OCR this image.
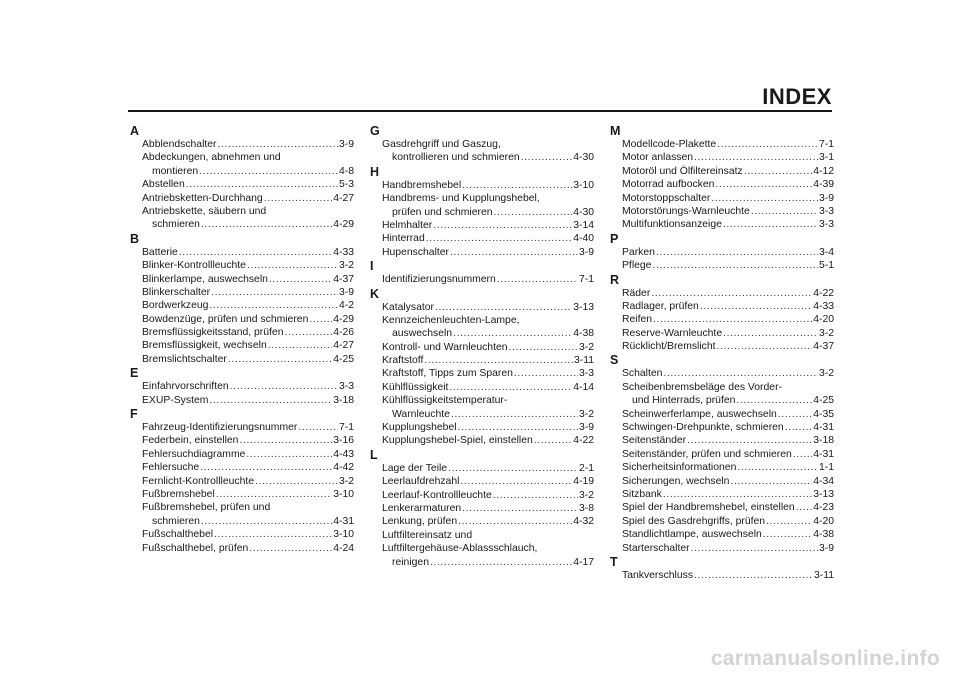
INDEX
A
Abblendschalter .....	3-9
Abdeckungen, abnehmen und
montieren .....	4-8
Abstellen .....	5-3
Antriebsketten-Durchhang .....	4-27
Antriebskette, säubern und
schmieren .....	4-29
B
Batterie .....	4-33
Blinker-Kontrollleuchte .....	3-2
Blinkerlampe, auswechseln .....	4-37
Blinkerschalter .....	3-9
Bordwerkzeug .....	4-2
Bowdenzüge, prüfen und schmieren ..... 4-29
Bremsflüssigkeitsstand, prüfen .....	4-26
Bremsflüssigkeit, wechseln .....	4-27
Bremslichtschalter .....	4-25
E
Einfahrvorschriften .....	3-3
EXUP-System .....	3-18
F
Fahrzeug-Identifizierungsnummer .....	7-1
Federbein, einstellen .....	3-16
Fehlersuchdiagramme .....	4-43
Fehlersuche .....	4-42
Fernlicht-Kontrollleuchte .....	3-2
Fußbremshebel .....	3-10
Fußbremshebel, prüfen und
schmieren .....	4-31
Fußschalthebel .....	3-10
Fußschalthebel, prüfen .....	4-24
G
Gasdrehgriff und Gaszug,
kontrollieren und schmieren .....	4-30
H
Handbremshebel .....	3-10
Handbrems- und Kupplungshebel,
prüfen und schmieren .....	4-30
Helmhalter .....	3-14
Hinterrad .....	4-40
Hupenschalter .....	3-9
I
Identifizierungsnummern .....	7-1
K
Katalysator .....	3-13
Kennzeichenleuchten-Lampe,
auswechseln .....	4-38
Kontroll- und Warnleuchten .....	3-2
Kraftstoff .....	3-11
Kraftstoff, Tipps zum Sparen .....	3-3
Kühlflüssigkeit .....	4-14
Kühlflüssigkeitstemperatur-
Warnleuchte .....	3-2
Kupplungshebel .....	3-9
Kupplungshebel-Spiel, einstellen .....	4-22
L
Lage der Teile .....	2-1
Leerlaufdrehzahl .....	4-19
Leerlauf-Kontrollleuchte .....	3-2
Lenkerarmaturen .....	3-8
Lenkung, prüfen .....	4-32
Luftfiltereinsatz und
Luftfiltergehäuse-Ablassschlauch,
reinigen .....	4-17
M
Modellcode-Plakette .....	7-1
Motor anlassen .....	3-1
Motoröl und Ölfiltereinsatz .....	4-12
Motorrad aufbocken .....	4-39
Motorstoppschalter .....	3-9
Motorstörungs-Warnleuchte .....	3-3
Multifunktionsanzeige .....	3-3
P
Parken .....	3-4
Pflege .....	5-1
R
Räder .....	4-22
Radlager, prüfen .....	4-33
Reifen .....	4-20
Reserve-Warnleuchte .....	3-2
Rücklicht/Bremslicht .....	4-37
S
Schalten .....	3-2
Scheibenbremsbeläge des Vorder-
und Hinterrads, prüfen .....	4-25
Scheinwerferlampe, auswechseln .....	4-35
Schwingen-Drehpunkte, schmieren .....	4-31
Seitenständer .....	3-18
Seitenständer, prüfen und schmieren ..... 4-31
Sicherheitsinformationen .....	1-1
Sicherungen, wechseln .....	4-34
Sitzbank .....	3-13
Spiel der Handbremshebel, einstellen ..... 4-23
Spiel des Gasdrehgriffs, prüfen .....	4-20
Standlichtlampe, auswechseln .....	4-38
Starterschalter .....	3-9
T
Tankverschluss .....	3-11
carmanualsonline.info
